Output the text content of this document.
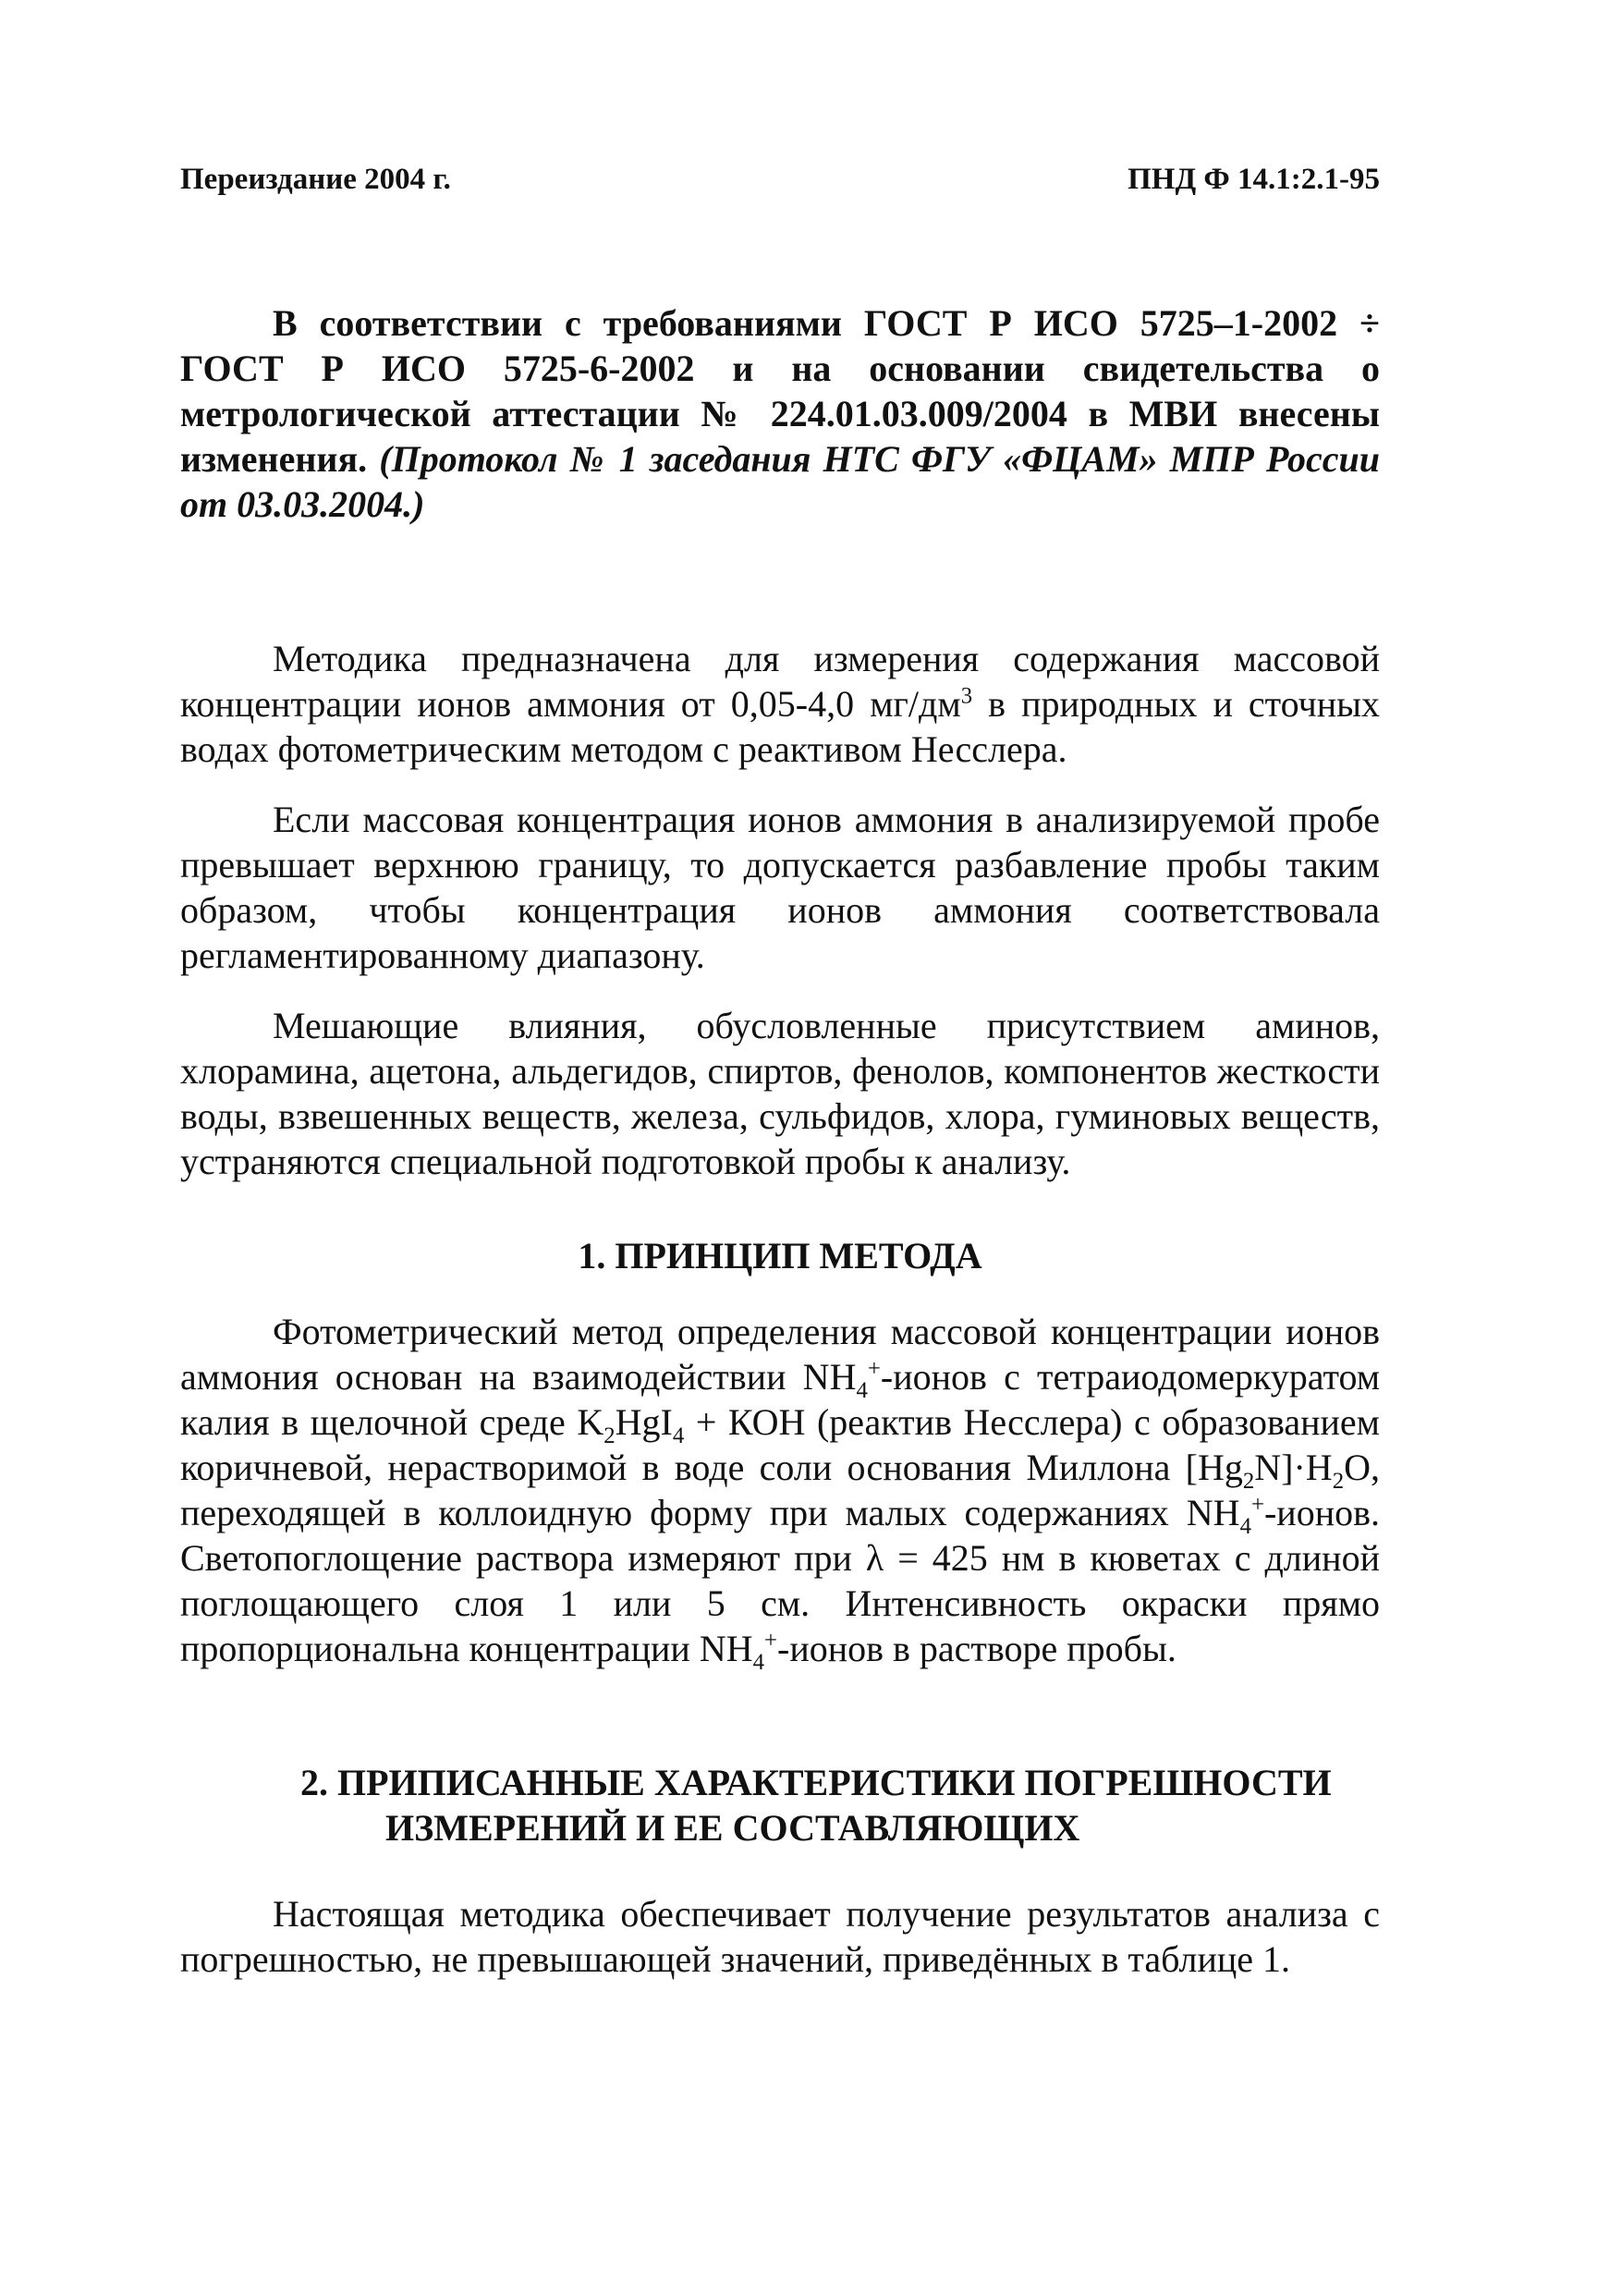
Переиздание 2004 г.	ПНД Ф 14.1:2.1-95
В соответствии с требованиями ГОСТ Р ИСО 5725–1-2002 ÷ ГОСТ Р ИСО 5725-6-2002 и на основании свидетельства о метрологической аттестации № 224.01.03.009/2004 в МВИ внесены изменения. (Протокол № 1 заседания НТС ФГУ «ФЦАМ» МПР России от 03.03.2004.)

Методика предназначена для измерения содержания массовой концентрации ионов аммония от 0,05-4,0 $мг/дм^3$ в природных и сточных водах фотометрическим методом с реактивом Несслера.

Если массовая концентрация ионов аммония в анализируемой пробе превышает верхнюю границу, то допускается разбавление пробы таким образом, чтобы концентрация ионов аммония соответствовала регламентированному диапазону.

Мешающие влияния, обусловленные присутствием аминов, хлорамина, ацетона, альдегидов, спиртов, фенолов, компонентов жесткости воды, взвешенных веществ, железа, сульфидов, хлора, гуминовых веществ, устраняются специальной подготовкой пробы к анализу.

1. ПРИНЦИП МЕТОДА

Фотометрический метод определения массовой концентрации ионов аммония основан на взаимодействии $NH_4^+$-ионов с тетраиодомеркуратом калия в щелочной среде $K_2HgI_4$ + КОН (реактив Несслера) с образованием коричневой, нерастворимой в воде соли основания Миллона $[Hg_2N]\cdot H_2O$, переходящей в коллоидную форму при малых содержаниях $NH_4^+$-ионов. Светопоглощение раствора измеряют при λ = 425 нм в кюветах с длиной поглощающего слоя 1 или 5 см. Интенсивность окраски прямо пропорциональна концентрации $NH_4^+$-ионов в растворе пробы.

2. ПРИПИСАННЫЕ ХАРАКТЕРИСТИКИ ПОГРЕШНОСТИ
ИЗМЕРЕНИЙ И ЕЕ СОСТАВЛЯЮЩИХ

Настоящая методика обеспечивает получение результатов анализа с погрешностью, не превышающей значений, приведённых в таблице 1.
